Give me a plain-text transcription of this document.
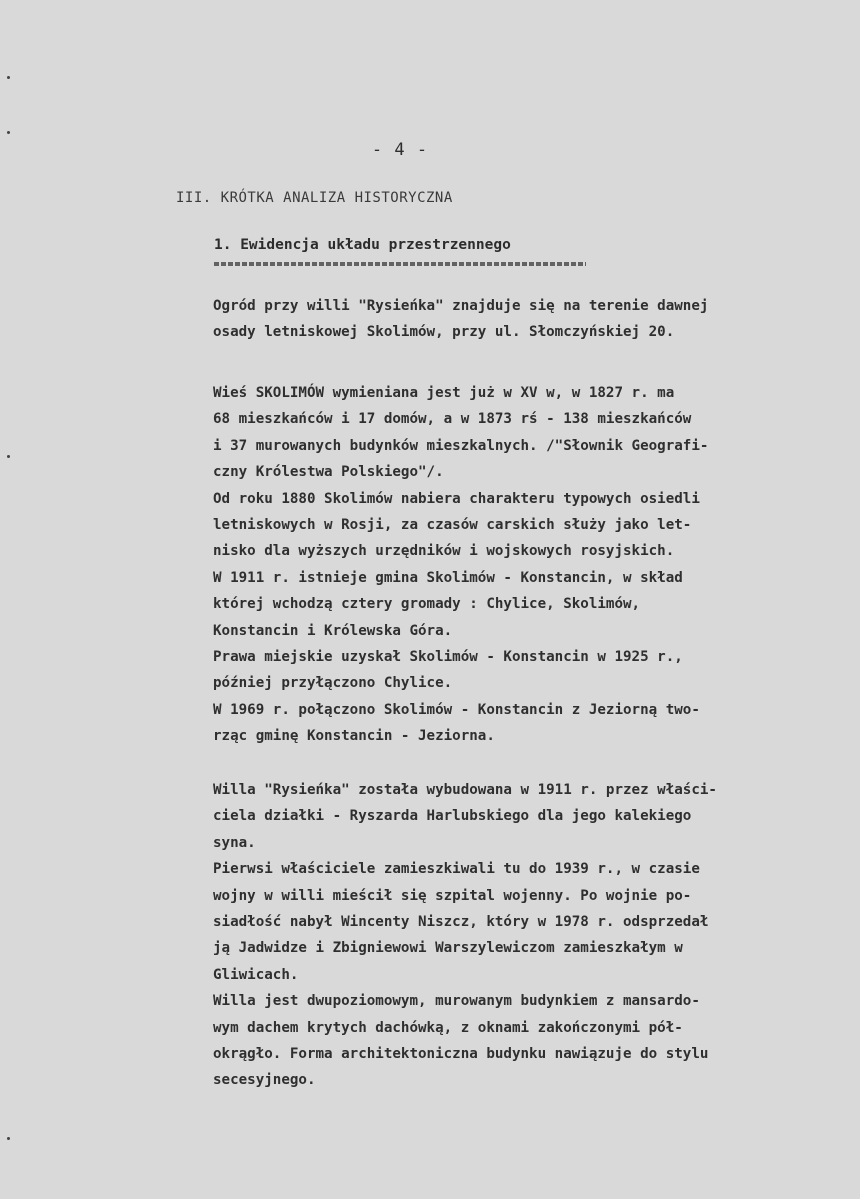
- 4 -
III. KRÓTKA ANALIZA HISTORYCZNA
1. Ewidencja układu przestrzennego
Ogród przy willi "Rysieńka" znajduje się na terenie dawnej
osady letniskowej Skolimów, przy ul. Słomczyńskiej 20.
Wieś SKOLIMÓW wymieniana jest już w XV w, w 1827 r. ma
68 mieszkańców i 17 domów, a w 1873 rś - 138 mieszkańców
i 37 murowanych budynków mieszkalnych. /"Słownik Geografi-
czny Królestwa Polskiego"/.
Od roku 1880 Skolimów nabiera charakteru typowych osiedli
letniskowych w Rosji, za czasów carskich służy jako let-
nisko dla wyższych urzędników i wojskowych rosyjskich.
W 1911 r. istnieje gmina Skolimów - Konstancin, w skład
której wchodzą cztery gromady : Chylice, Skolimów,
Konstancin i Królewska Góra.
Prawa miejskie uzyskał Skolimów - Konstancin w 1925 r.,
później przyłączono Chylice.
W 1969 r. połączono Skolimów - Konstancin z Jeziorną two-
rząc gminę Konstancin - Jeziorna.
Willa "Rysieńka" została wybudowana w 1911 r. przez właści-
ciela działki - Ryszarda Harlubskiego dla jego kalekiego
syna.
Pierwsi właściciele zamieszkiwali tu do 1939 r., w czasie
wojny w willi mieścił się szpital wojenny. Po wojnie po-
siadłość nabył Wincenty Niszcz, który w 1978 r. odsprzedał
ją Jadwidze i Zbigniewowi Warszylewiczom zamieszkałym w
Gliwicach.
Willa jest dwupoziomowym, murowanym budynkiem z mansardo-
wym dachem krytych dachówką, z oknami zakończonymi pół-
okrągło. Forma architektoniczna budynku nawiązuje do stylu
secesyjnego.
